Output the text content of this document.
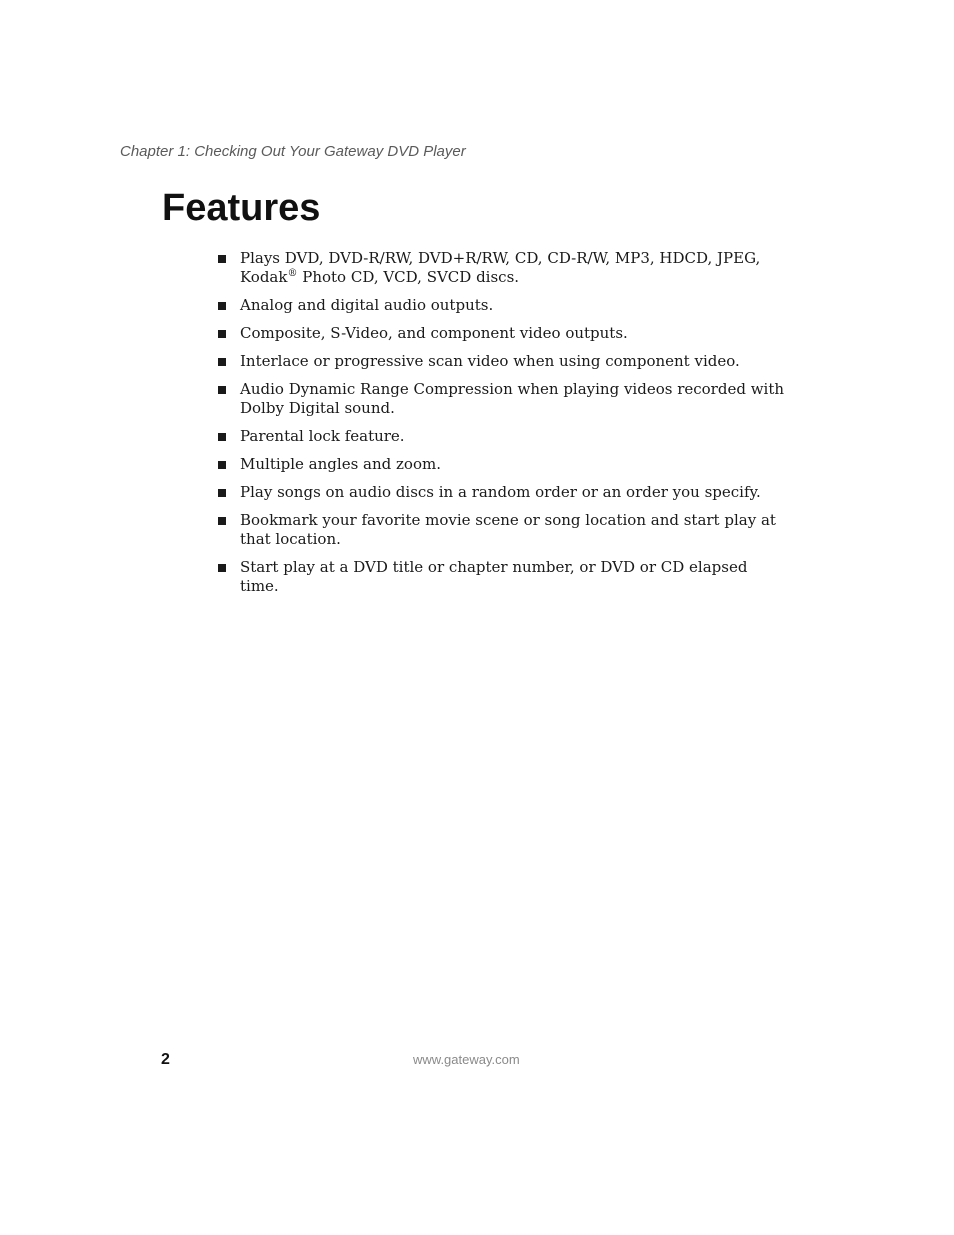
Chapter 1: Checking Out Your Gateway DVD Player
Features
Plays DVD, DVD-R/RW, DVD+R/RW, CD, CD-R/W, MP3, HDCD, JPEG,
Kodak® Photo CD, VCD, SVCD discs.
Analog and digital audio outputs.
Composite, S-Video, and component video outputs.
Interlace or progressive scan video when using component video.
Audio Dynamic Range Compression when playing videos recorded with Dolby Digital sound.
Parental lock feature.
Multiple angles and zoom.
Play songs on audio discs in a random order or an order you specify.
Bookmark your favorite movie scene or song location and start play at that location.
Start play at a DVD title or chapter number, or DVD or CD elapsed time.
2	www.gateway.com
